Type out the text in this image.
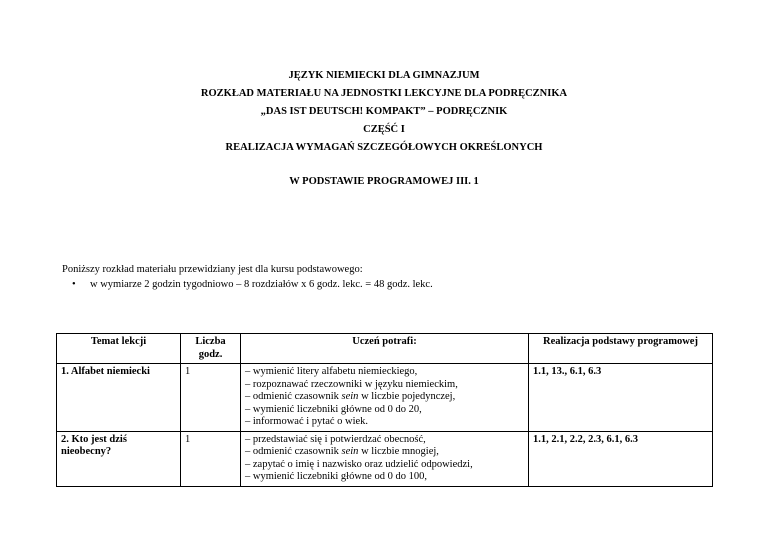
JĘZYK NIEMIECKI DLA GIMNAZJUM
ROZKŁAD MATERIAŁU NA JEDNOSTKI LEKCYJNE DLA PODRĘCZNIKA
„DAS IST DEUTSCH! KOMPAKT” – PODRĘCZNIK
CZĘŚĆ I
REALIZACJA WYMAGAŃ SZCZEGÓŁOWYCH OKREŚLONYCH
W PODSTAWIE PROGRAMOWEJ III. 1
Poniższy rozkład materiału przewidziany jest dla kursu podstawowego:
• w wymiarze 2 godzin tygodniowo – 8 rozdziałów x 6 godz. lekc. = 48 godz. lekc.
Temat lekcji	Liczba godz.	Uczeń potrafi:	Realizacja podstawy programowej
1. Alfabet niemiecki	1	– wymienić litery alfabetu niemieckiego,
– rozpoznawać rzeczowniki w języku niemieckim,
– odmienić czasownik sein w liczbie pojedynczej,
– wymienić liczebniki główne od 0 do 20,
– informować i pytać o wiek.	1.1, 13., 6.1, 6.3
2. Kto jest dziś nieobecny?	1	– przedstawiać się i potwierdzać obecność,
– odmienić czasownik sein w liczbie mnogiej,
– zapytać o imię i nazwisko oraz udzielić odpowiedzi,
– wymienić liczebniki główne od 0 do 100,	1.1, 2.1, 2.2, 2.3, 6.1, 6.3
